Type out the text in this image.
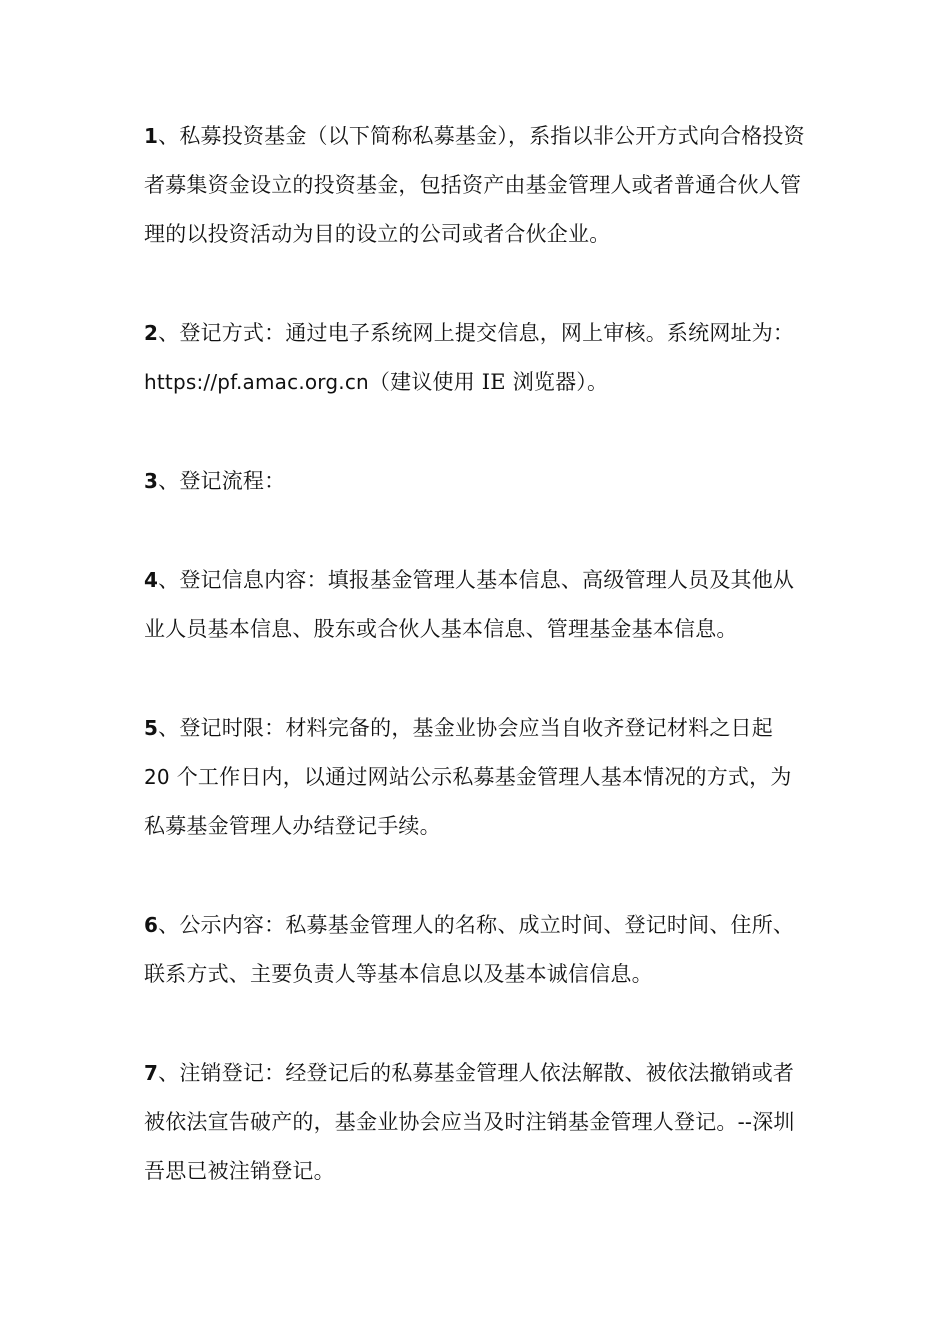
1、私募投资基金（以下简称私募基金），系指以非公开方式向合格投资者募集资金设立的投资基金，包括资产由基金管理人或者普通合伙人管理的以投资活动为目的设立的公司或者合伙企业。

2、登记方式：通过电子系统网上提交信息，网上审核。系统网址为：
https://pf.amac.org.cn（建议使用 IE 浏览器）。

3、登记流程：

4、登记信息内容：填报基金管理人基本信息、高级管理人员及其他从业人员基本信息、股东或合伙人基本信息、管理基金基本信息。

5、登记时限：材料完备的，基金业协会应当自收齐登记材料之日起
20 个工作日内，以通过网站公示私募基金管理人基本情况的方式，为私募基金管理人办结登记手续。

6、公示内容：私募基金管理人的名称、成立时间、登记时间、住所、联系方式、主要负责人等基本信息以及基本诚信信息。

7、注销登记：经登记后的私募基金管理人依法解散、被依法撤销或者被依法宣告破产的，基金业协会应当及时注销基金管理人登记。--深圳吾思已被注销登记。
